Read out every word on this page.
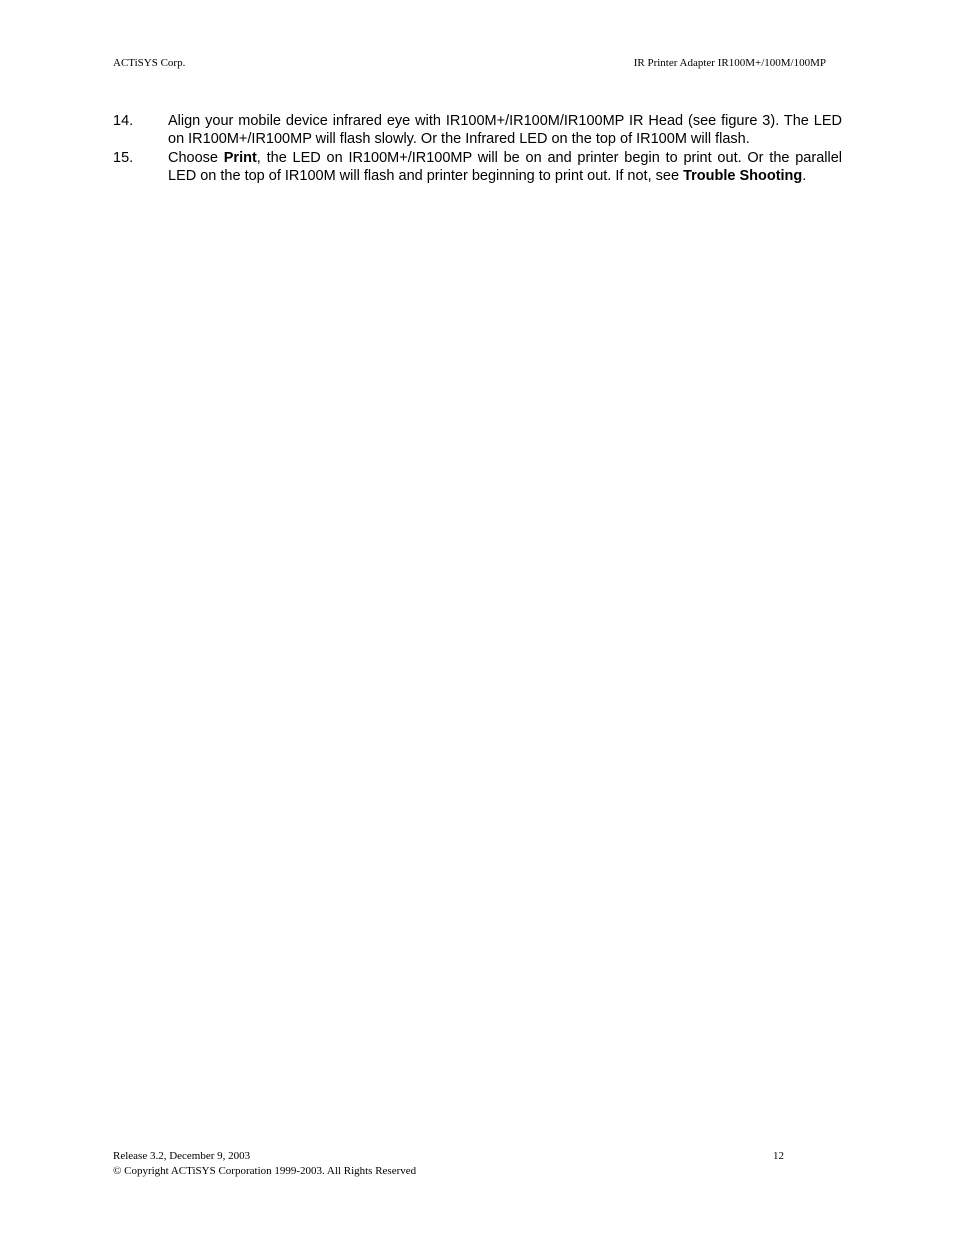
ACTiSYS Corp.	IR Printer Adapter IR100M+/100M/100MP
14. Align your mobile device infrared eye with IR100M+/IR100M/IR100MP IR Head (see figure 3). The LED on IR100M+/IR100MP will flash slowly. Or the Infrared LED on the top of IR100M will flash.
15. Choose Print, the LED on IR100M+/IR100MP will be on and printer begin to print out. Or the parallel LED on the top of IR100M will flash and printer beginning to print out. If not, see Trouble Shooting.
Release 3.2, December 9, 2003
© Copyright ACTiSYS Corporation 1999-2003. All Rights Reserved
12
